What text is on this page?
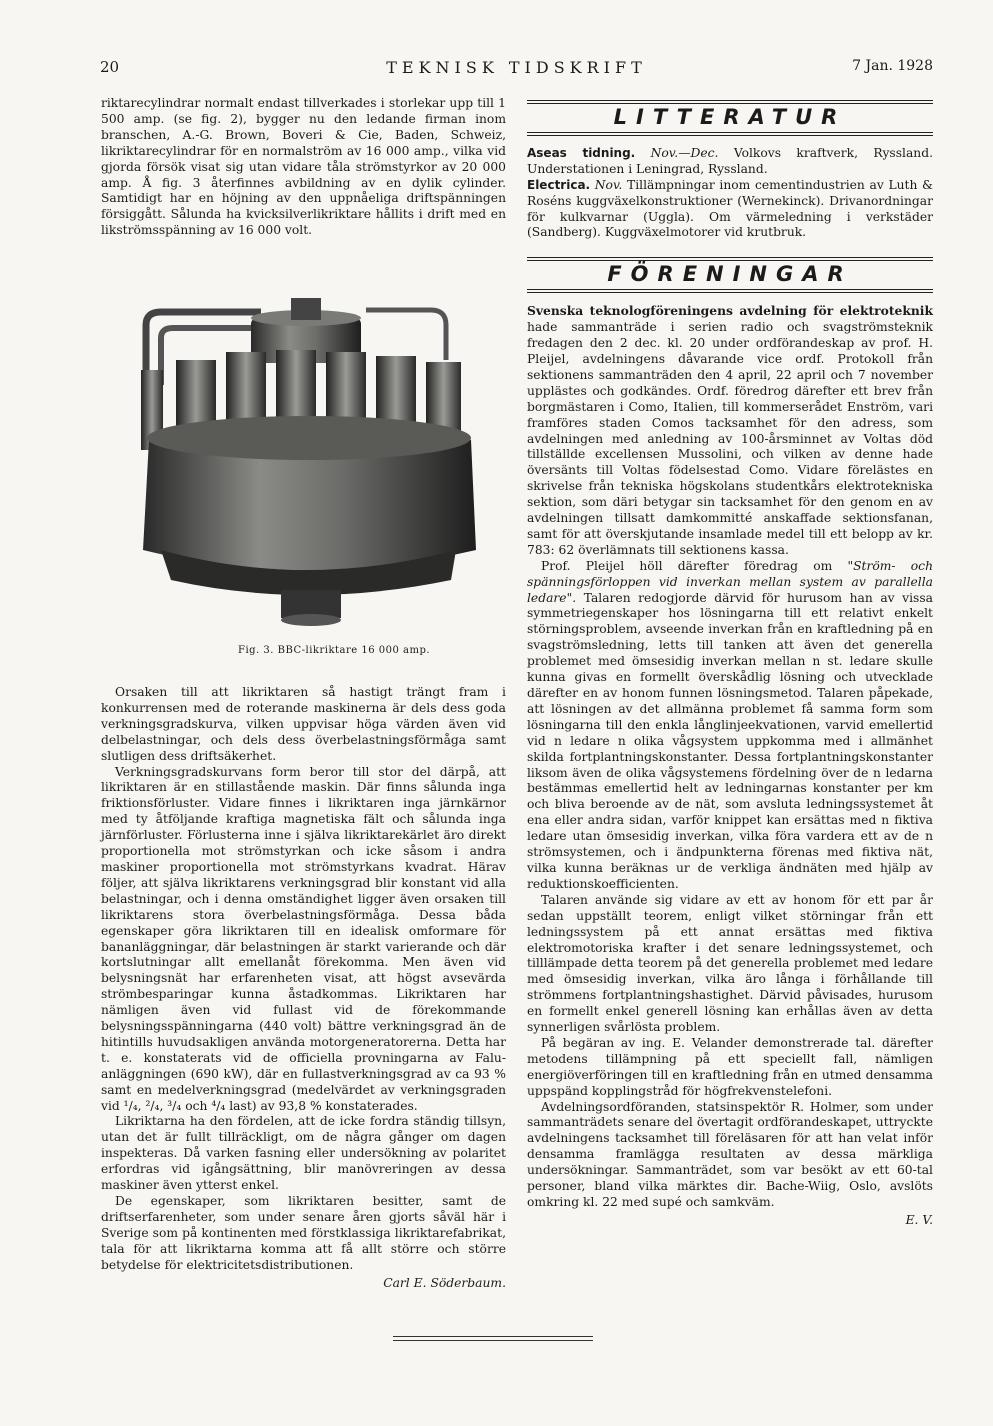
20	TEKNISK TIDSKRIFT	7 Jan. 1928

riktarecylindrar normalt endast tillverkades i storlekar upp till 1 500 amp. (se fig. 2), bygger nu den ledande firman inom branschen, A.-G. Brown, Boveri & Cie, Baden, Schweiz, likriktarecylindrar för en normalström av 16 000 amp., vilka vid gjorda försök visat sig utan vidare tåla strömstyrkor av 20 000 amp. Å fig. 3 återfinnes avbildning av en dylik cylinder. Samtidigt har en höjning av den uppnåeliga driftspänningen försiggått. Sålunda ha kvicksilverlikriktare hållits i drift med en likströmsspänning av 16 000 volt.

Fig. 3. BBC-likriktare 16 000 amp.

Orsaken till att likriktaren så hastigt trängt fram i konkurrensen med de roterande maskinerna är dels dess goda verkningsgradskurva, vilken uppvisar höga värden även vid delbelastningar, och dels dess överbelastningsförmåga samt slutligen dess driftsäkerhet.

Verkningsgradskurvans form beror till stor del därpå, att likriktaren är en stillastående maskin. Där finns sålunda inga friktionsförluster. Vidare finnes i likriktaren inga järnkärnor med ty åtföljande kraftiga magnetiska fält och sålunda inga järnförluster. Förlusterna inne i själva likriktarekärlet äro direkt proportionella mot strömstyrkan och icke såsom i andra maskiner proportionella mot strömstyrkans kvadrat. Härav följer, att själva likriktarens verkningsgrad blir konstant vid alla belastningar, och i denna omständighet ligger även orsaken till likriktarens stora överbelastningsförmåga. Dessa båda egenskaper göra likriktaren till en idealisk omformare för bananläggningar, där belastningen är starkt varierande och där kortslutningar allt emellanåt förekomma. Men även vid belysningsnät har erfarenheten visat, att högst avsevärda strömbesparingar kunna åstadkommas. Likriktaren har nämligen även vid fullast vid de förekommande belysningsspänningarna (440 volt) bättre verkningsgrad än de hitintills huvudsakligen använda motorgeneratorerna. Detta har t. e. konstaterats vid de officiella provningarna av Faluanläggningen (690 kW), där en fullastverkningsgrad av ca 93 % samt en medelverkningsgrad (medelvärdet av verkningsgraden vid ¹/₄, ²/₄, ³/₄ och ⁴/₄ last) av 93,8 % konstaterades.

Likriktarna ha den fördelen, att de icke fordra ständig tillsyn, utan det är fullt tillräckligt, om de några gånger om dagen inspekteras. Då varken fasning eller undersökning av polaritet erfordras vid igångsättning, blir manövreringen av dessa maskiner även ytterst enkel.

De egenskaper, som likriktaren besitter, samt de driftserfarenheter, som under senare åren gjorts såväl här i Sverige som på kontinenten med förstklassiga likriktarefabrikat, tala för att likriktarna komma att få allt större och större betydelse för elektricitetsdistributionen.

Carl E. Söderbaum.
LITTERATUR

Aseas tidning. Nov.—Dec. Volkovs kraftverk, Ryssland. Understationen i Leningrad, Ryssland.

Electrica. Nov. Tillämpningar inom cementindustrien av Luth & Roséns kuggväxelkonstruktioner (Wernekinck). Drivanordningar för kulkvarnar (Uggla). Om värmeledning i verkstäder (Sandberg). Kuggväxelmotorer vid krutbruk.

FÖRENINGAR

Svenska teknologföreningens avdelning för elektroteknik hade sammanträde i serien radio och svagströmsteknik fredagen den 2 dec. kl. 20 under ordförandeskap av prof. H. Pleijel, avdelningens dåvarande vice ordf. Protokoll från sektionens sammanträden den 4 april, 22 april och 7 november upplästes och godkändes. Ordf. föredrog därefter ett brev från borgmästaren i Como, Italien, till kommerserådet Enström, vari framföres staden Comos tacksamhet för den adress, som avdelningen med anledning av 100-årsminnet av Voltas död tillställde excellensen Mussolini, och vilken av denne hade översänts till Voltas födelsestad Como. Vidare förelästes en skrivelse från tekniska högskolans studentkårs elektrotekniska sektion, som däri betygar sin tacksamhet för den genom en av avdelningen tillsatt damkommitté anskaffade sektionsfanan, samt för att överskjutande insamlade medel till ett belopp av kr. 783: 62 överlämnats till sektionens kassa.

Prof. Pleijel höll därefter föredrag om "Ström- och spänningsförloppen vid inverkan mellan system av parallella ledare". Talaren redogjorde därvid för hurusom han av vissa symmetriegenskaper hos lösningarna till ett relativt enkelt störningsproblem, avseende inverkan från en kraftledning på en svagströmsledning, letts till tanken att även det generella problemet med ömsesidig inverkan mellan n st. ledare skulle kunna givas en formellt överskådlig lösning och utvecklade därefter en av honom funnen lösningsmetod. Talaren påpekade, att lösningen av det allmänna problemet få samma form som lösningarna till den enkla långlinjeekvationen, varvid emellertid vid n ledare n olika vågsystem uppkomma med i allmänhet skilda fortplantningskonstanter. Dessa fortplantningskonstanter liksom även de olika vågsystemens fördelning över de n ledarna bestämmas emellertid helt av ledningarnas konstanter per km och bliva beroende av de nät, som avsluta ledningssystemet åt ena eller andra sidan, varför knippet kan ersättas med n fiktiva ledare utan ömsesidig inverkan, vilka föra vardera ett av de n strömsystemen, och i ändpunkterna förenas med fiktiva nät, vilka kunna beräknas ur de verkliga ändnäten med hjälp av reduktionskoefficienten.

Talaren använde sig vidare av ett av honom för ett par år sedan uppställt teorem, enligt vilket störningar från ett ledningssystem på ett annat ersättas med fiktiva elektromotoriska krafter i det senare ledningssystemet, och tilllämpade detta teorem på det generella problemet med ledare med ömsesidig inverkan, vilka äro långa i förhållande till strömmens fortplantningshastighet. Därvid påvisades, hurusom en formellt enkel generell lösning kan erhållas även av detta synnerligen svårlösta problem.

På begäran av ing. E. Velander demonstrerade tal. därefter metodens tillämpning på ett speciellt fall, nämligen energiöverföringen till en kraftledning från en utmed densamma uppspänd kopplingstråd för högfrekvenstelefoni.

Avdelningsordföranden, statsinspektör R. Holmer, som under sammanträdets senare del övertagit ordförandeskapet, uttryckte avdelningens tacksamhet till föreläsaren för att han velat inför densamma framlägga resultaten av dessa märkliga undersökningar. Sammanträdet, som var besökt av ett 60-tal personer, bland vilka märktes dir. Bache-Wiig, Oslo, avslöts omkring kl. 22 med supé och samkväm.

E. V.
